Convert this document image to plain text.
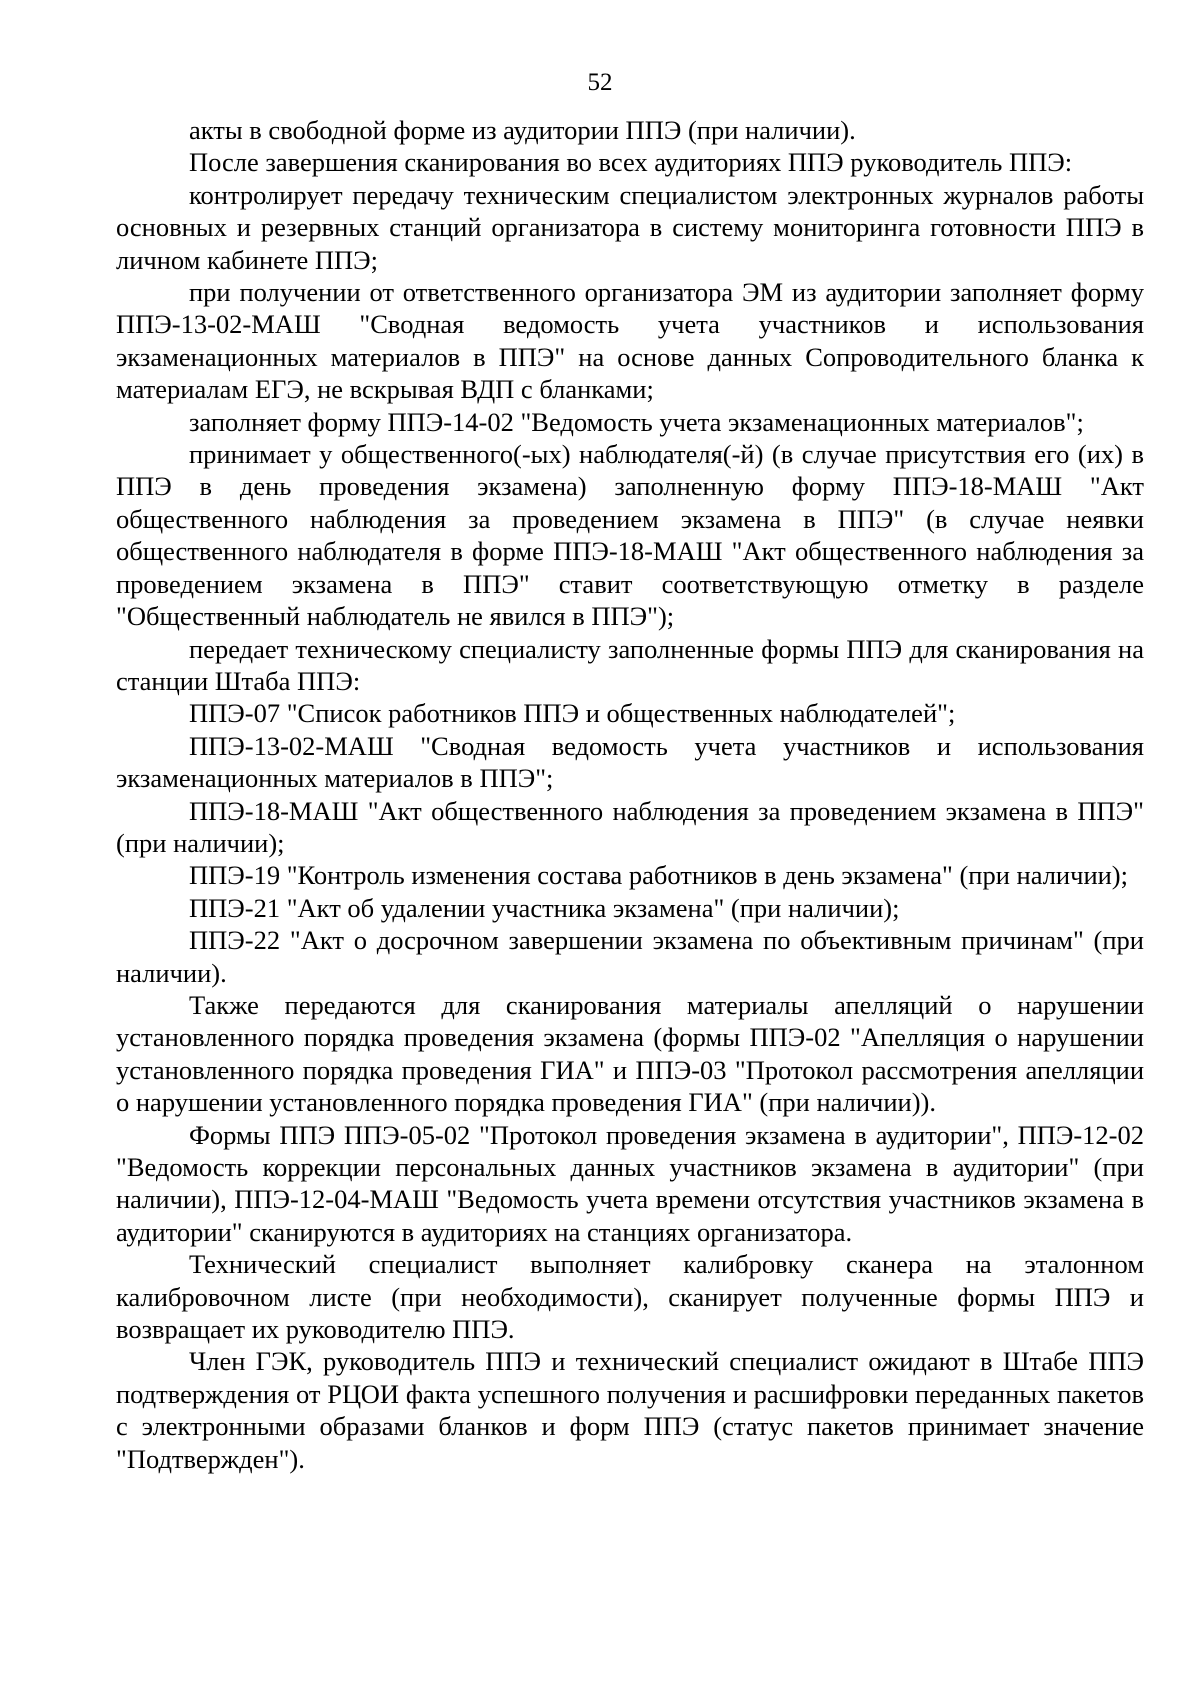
52

акты в свободной форме из аудитории ППЭ (при наличии).

После завершения сканирования во всех аудиториях ППЭ руководитель ППЭ:

контролирует передачу техническим специалистом электронных журналов работы основных и резервных станций организатора в систему мониторинга готовности ППЭ в личном кабинете ППЭ;

при получении от ответственного организатора ЭМ из аудитории заполняет форму ППЭ-13-02-МАШ "Сводная ведомость учета участников и использования экзаменационных материалов в ППЭ" на основе данных Сопроводительного бланка к материалам ЕГЭ, не вскрывая ВДП с бланками;

заполняет форму ППЭ-14-02 "Ведомость учета экзаменационных материалов";

принимает у общественного(-ых) наблюдателя(-й) (в случае присутствия его (их) в ППЭ в день проведения экзамена) заполненную форму ППЭ-18-МАШ "Акт общественного наблюдения за проведением экзамена в ППЭ" (в случае неявки общественного наблюдателя в форме ППЭ-18-МАШ "Акт общественного наблюдения за проведением экзамена в ППЭ" ставит соответствующую отметку в разделе "Общественный наблюдатель не явился в ППЭ");

передает техническому специалисту заполненные формы ППЭ для сканирования на станции Штаба ППЭ:

ППЭ-07 "Список работников ППЭ и общественных наблюдателей";

ППЭ-13-02-МАШ "Сводная ведомость учета участников и использования экзаменационных материалов в ППЭ";

ППЭ-18-МАШ "Акт общественного наблюдения за проведением экзамена в ППЭ" (при наличии);

ППЭ-19 "Контроль изменения состава работников в день экзамена" (при наличии);

ППЭ-21 "Акт об удалении участника экзамена" (при наличии);

ППЭ-22 "Акт о досрочном завершении экзамена по объективным причинам" (при наличии).

Также передаются для сканирования материалы апелляций о нарушении установленного порядка проведения экзамена (формы ППЭ-02 "Апелляция о нарушении установленного порядка проведения ГИА" и ППЭ-03 "Протокол рассмотрения апелляции о нарушении установленного порядка проведения ГИА" (при наличии)).

Формы ППЭ ППЭ-05-02 "Протокол проведения экзамена в аудитории", ППЭ-12-02 "Ведомость коррекции персональных данных участников экзамена в аудитории" (при наличии), ППЭ-12-04-МАШ "Ведомость учета времени отсутствия участников экзамена в аудитории" сканируются в аудиториях на станциях организатора.

Технический специалист выполняет калибровку сканера на эталонном калибровочном листе (при необходимости), сканирует полученные формы ППЭ и возвращает их руководителю ППЭ.

Член ГЭК, руководитель ППЭ и технический специалист ожидают в Штабе ППЭ подтверждения от РЦОИ факта успешного получения и расшифровки переданных пакетов с электронными образами бланков и форм ППЭ (статус пакетов принимает значение "Подтвержден").
